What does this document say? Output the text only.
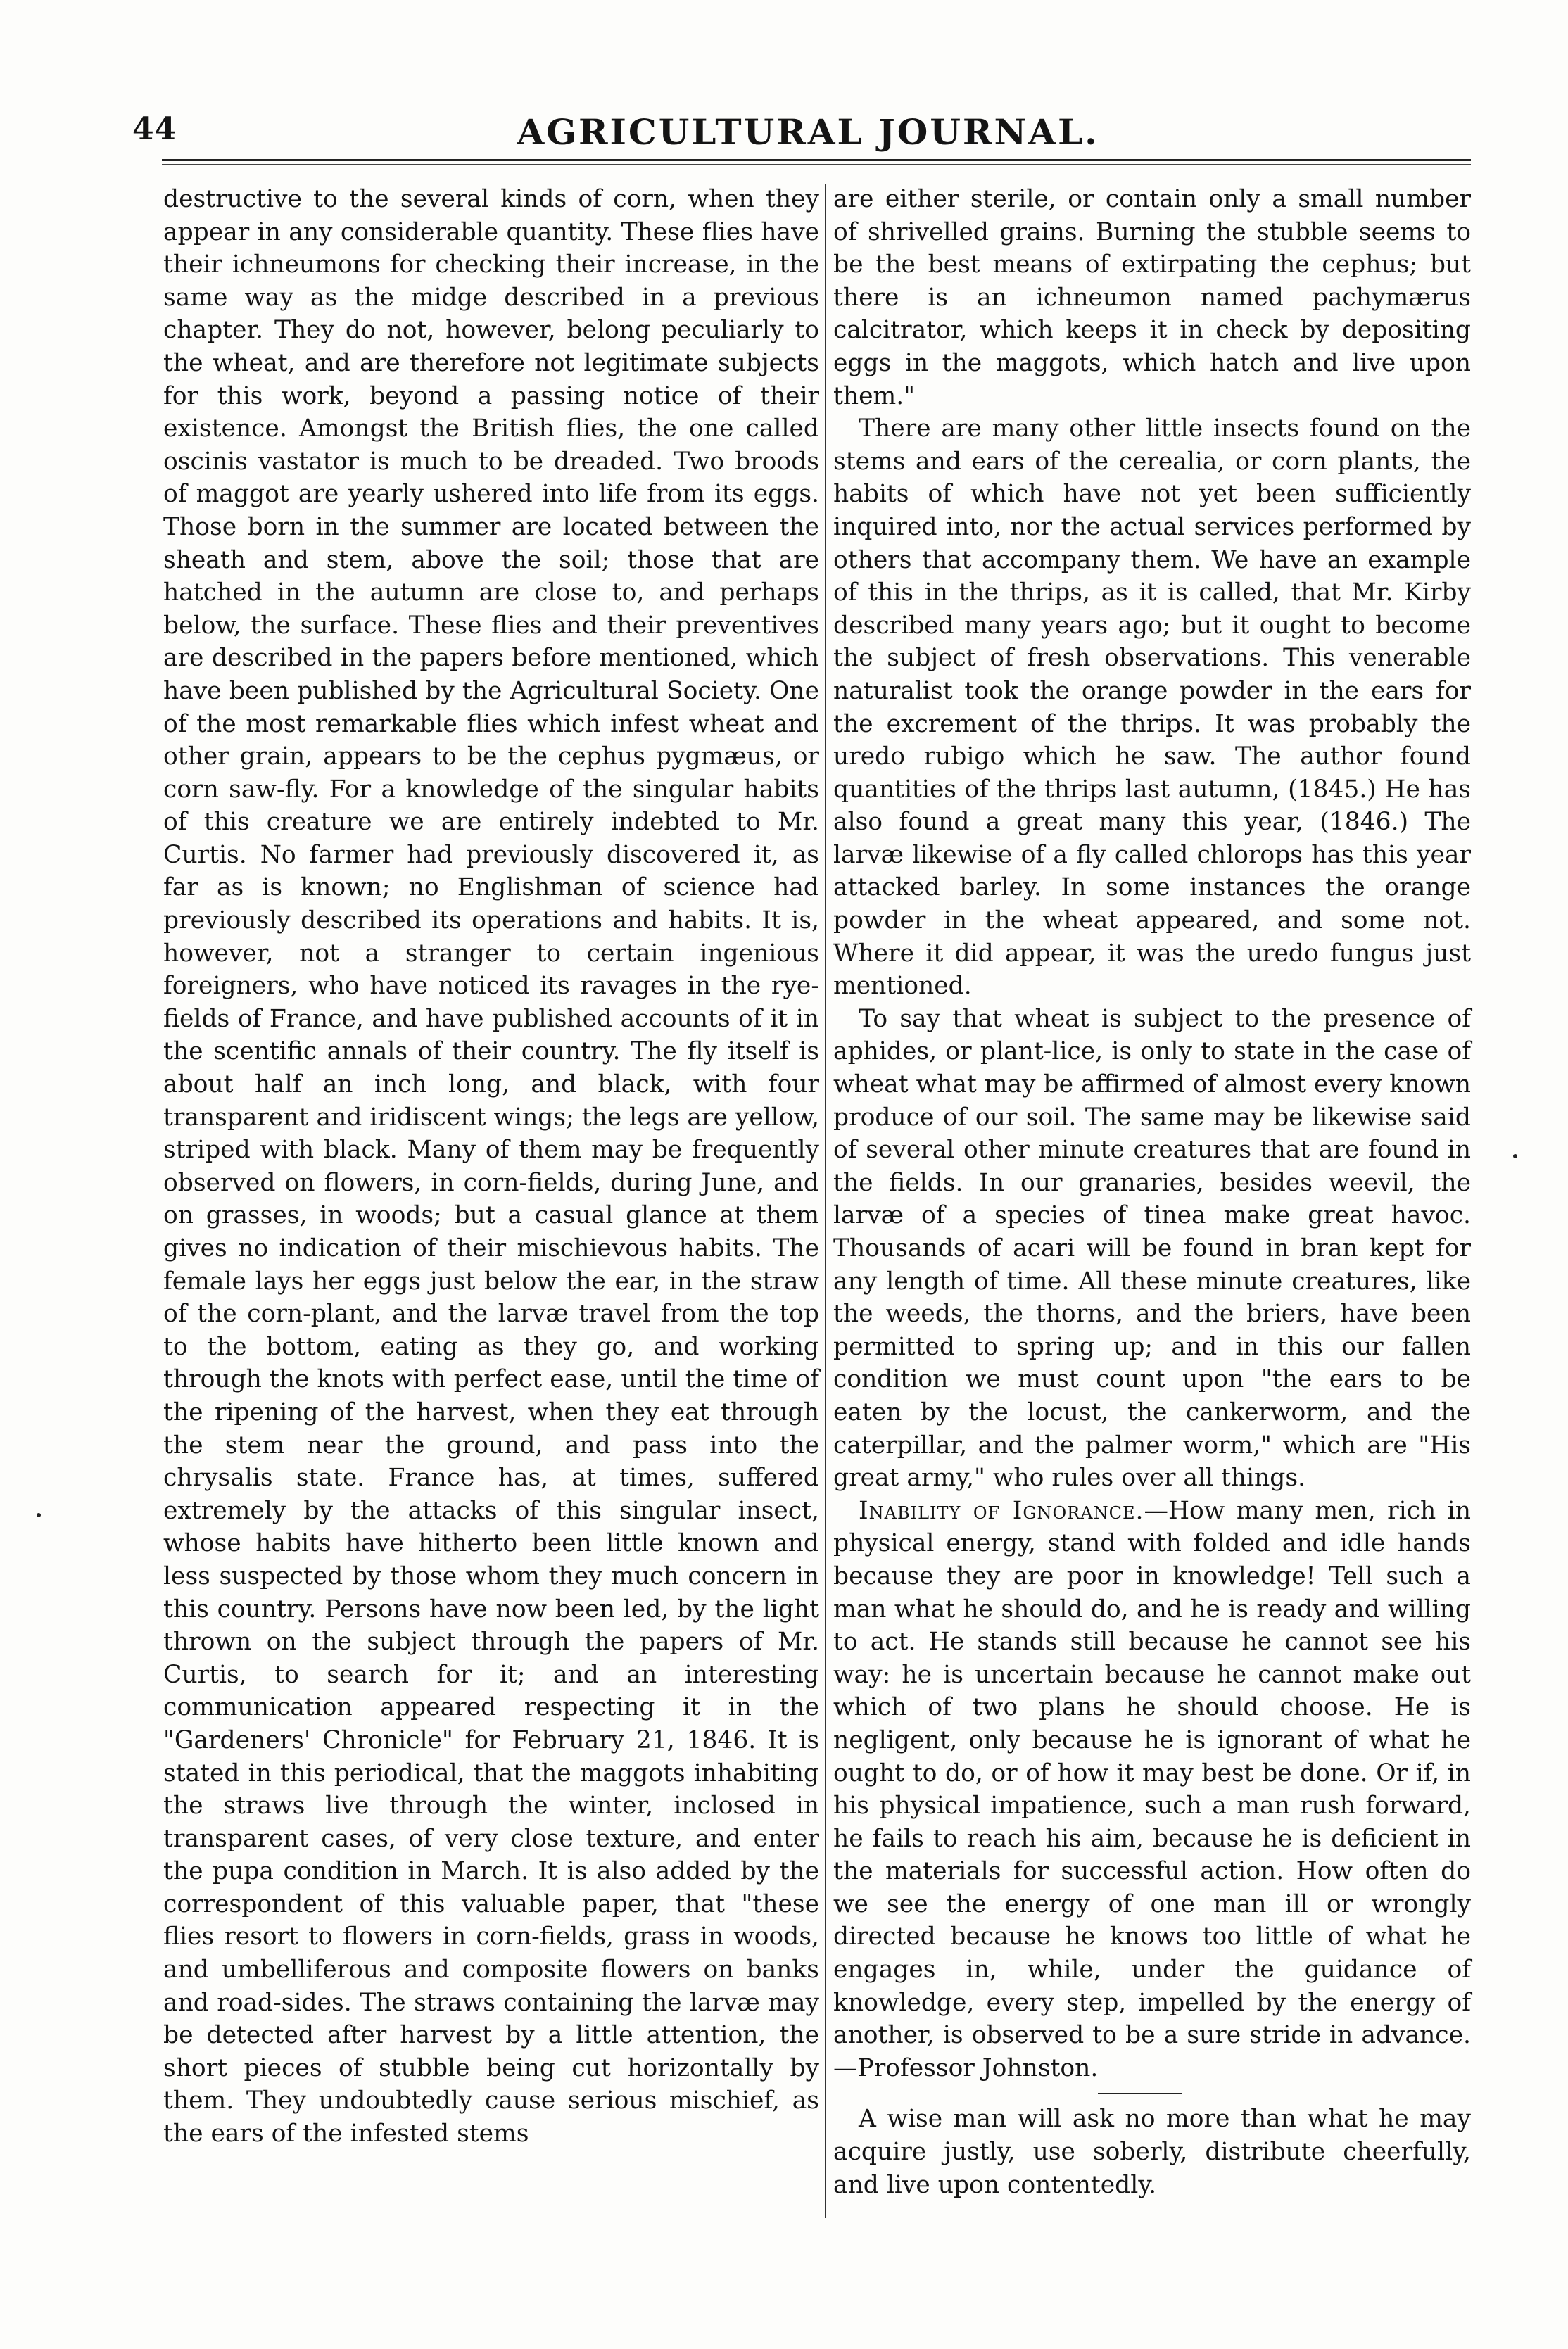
44	AGRICULTURAL JOURNAL.

destructive to the several kinds of corn, when they appear in any considerable quantity. These flies have their ichneumons for checking their increase, in the same way as the midge described in a previous chapter. They do not, however, belong peculiarly to the wheat, and are therefore not legitimate subjects for this work, beyond a passing notice of their existence. Amongst the British flies, the one called oscinis vastator is much to be dreaded. Two broods of maggot are yearly ushered into life from its eggs. Those born in the summer are located between the sheath and stem, above the soil; those that are hatched in the autumn are close to, and perhaps below, the surface. These flies and their preventives are described in the papers before mentioned, which have been published by the Agricultural Society. One of the most remarkable flies which infest wheat and other grain, appears to be the cephus pygmæus, or corn saw-fly. For a knowledge of the singular habits of this creature we are entirely indebted to Mr. Curtis. No farmer had previously discovered it, as far as is known; no Englishman of science had previously described its operations and habits. It is, however, not a stranger to certain ingenious foreigners, who have noticed its ravages in the rye-fields of France, and have published accounts of it in the scentific annals of their country. The fly itself is about half an inch long, and black, with four transparent and iridiscent wings; the legs are yellow, striped with black. Many of them may be frequently observed on flowers, in corn-fields, during June, and on grasses, in woods; but a casual glance at them gives no indication of their mischievous habits. The female lays her eggs just below the ear, in the straw of the corn-plant, and the larvæ travel from the top to the bottom, eating as they go, and working through the knots with perfect ease, until the time of the ripening of the harvest, when they eat through the stem near the ground, and pass into the chrysalis state. France has, at times, suffered extremely by the attacks of this singular insect, whose habits have hitherto been little known and less suspected by those whom they much concern in this country. Persons have now been led, by the light thrown on the subject through the papers of Mr. Curtis, to search for it; and an interesting communication appeared respecting it in the "Gardeners' Chronicle" for February 21, 1846. It is stated in this periodical, that the maggots inhabiting the straws live through the winter, inclosed in transparent cases, of very close texture, and enter the pupa condition in March. It is also added by the correspondent of this valuable paper, that "these flies resort to flowers in corn-fields, grass in woods, and umbelliferous and composite flowers on banks and road-sides. The straws containing the larvæ may be detected after harvest by a little attention, the short pieces of stubble being cut horizontally by them. They undoubtedly cause serious mischief, as the ears of the infested stems

are either sterile, or contain only a small number of shrivelled grains. Burning the stubble seems to be the best means of extirpating the cephus; but there is an ichneumon named pachymærus calcitrator, which keeps it in check by depositing eggs in the maggots, which hatch and live upon them."

There are many other little insects found on the stems and ears of the cerealia, or corn plants, the habits of which have not yet been sufficiently inquired into, nor the actual services performed by others that accompany them. We have an example of this in the thrips, as it is called, that Mr. Kirby described many years ago; but it ought to become the subject of fresh observations. This venerable naturalist took the orange powder in the ears for the excrement of the thrips. It was probably the uredo rubigo which he saw. The author found quantities of the thrips last autumn, (1845.) He has also found a great many this year, (1846.) The larvæ likewise of a fly called chlorops has this year attacked barley. In some instances the orange powder in the wheat appeared, and some not. Where it did appear, it was the uredo fungus just mentioned.

To say that wheat is subject to the presence of aphides, or plant-lice, is only to state in the case of wheat what may be affirmed of almost every known produce of our soil. The same may be likewise said of several other minute creatures that are found in the fields. In our granaries, besides weevil, the larvæ of a species of tinea make great havoc. Thousands of acari will be found in bran kept for any length of time. All these minute creatures, like the weeds, the thorns, and the briers, have been permitted to spring up; and in this our fallen condition we must count upon "the ears to be eaten by the locust, the cankerworm, and the caterpillar, and the palmer worm," which are "His great army," who rules over all things.

Inability of Ignorance.—How many men, rich in physical energy, stand with folded and idle hands because they are poor in knowledge! Tell such a man what he should do, and he is ready and willing to act. He stands still because he cannot see his way: he is uncertain because he cannot make out which of two plans he should choose. He is negligent, only because he is ignorant of what he ought to do, or of how it may best be done. Or if, in his physical impatience, such a man rush forward, he fails to reach his aim, because he is deficient in the materials for successful action. How often do we see the energy of one man ill or wrongly directed because he knows too little of what he engages in, while, under the guidance of knowledge, every step, impelled by the energy of another, is observed to be a sure stride in advance.—Professor Johnston.

A wise man will ask no more than what he may acquire justly, use soberly, distribute cheerfully, and live upon contentedly.
